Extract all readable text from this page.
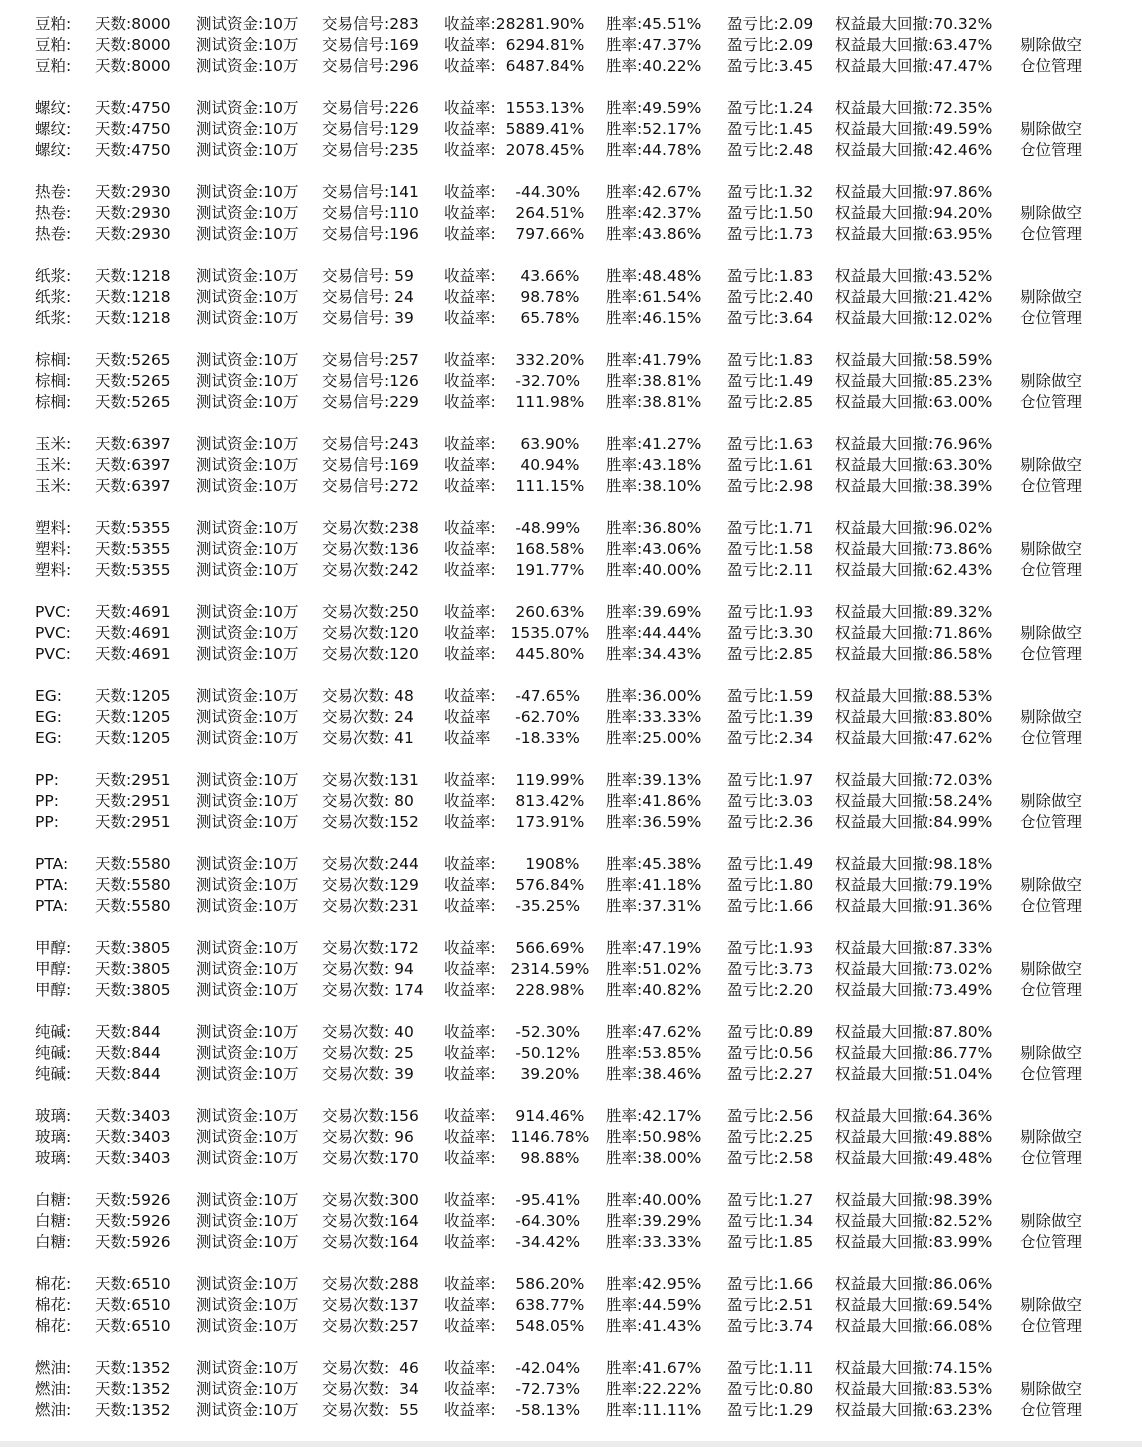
豆粕: 天数:8000 测试资金:10万 交易信号:283 收益率:28281.90% 胜率:45.51% 盈亏比:2.09 权益最大回撤:70.32%
豆粕: 天数:8000 测试资金:10万 交易信号:169 收益率:  6294.81% 胜率:47.37% 盈亏比:2.09 权益最大回撤:63.47% 剔除做空
豆粕: 天数:8000 测试资金:10万 交易信号:296 收益率:  6487.84% 胜率:40.22% 盈亏比:3.45 权益最大回撤:47.47% 仓位管理
螺纹: 天数:4750 测试资金:10万 交易信号:226 收益率:  1553.13% 胜率:49.59% 盈亏比:1.24 权益最大回撤:72.35%
螺纹: 天数:4750 测试资金:10万 交易信号:129 收益率:  5889.41% 胜率:52.17% 盈亏比:1.45 权益最大回撤:49.59% 剔除做空
螺纹: 天数:4750 测试资金:10万 交易信号:235 收益率:  2078.45% 胜率:44.78% 盈亏比:2.48 权益最大回撤:42.46% 仓位管理
热卷: 天数:2930 测试资金:10万 交易信号:141 收益率:    -44.30% 胜率:42.67% 盈亏比:1.32 权益最大回撤:97.86%
热卷: 天数:2930 测试资金:10万 交易信号:110 收益率:    264.51% 胜率:42.37% 盈亏比:1.50 权益最大回撤:94.20% 剔除做空
热卷: 天数:2930 测试资金:10万 交易信号:196 收益率:    797.66% 胜率:43.86% 盈亏比:1.73 权益最大回撤:63.95% 仓位管理
纸浆: 天数:1218 测试资金:10万 交易信号: 59 收益率:     43.66% 胜率:48.48% 盈亏比:1.83 权益最大回撤:43.52%
纸浆: 天数:1218 测试资金:10万 交易信号: 24 收益率:     98.78% 胜率:61.54% 盈亏比:2.40 权益最大回撤:21.42% 剔除做空
纸浆: 天数:1218 测试资金:10万 交易信号: 39 收益率:     65.78% 胜率:46.15% 盈亏比:3.64 权益最大回撤:12.02% 仓位管理
棕榈: 天数:5265 测试资金:10万 交易信号:257 收益率:    332.20% 胜率:41.79% 盈亏比:1.83 权益最大回撤:58.59%
棕榈: 天数:5265 测试资金:10万 交易信号:126 收益率:    -32.70% 胜率:38.81% 盈亏比:1.49 权益最大回撤:85.23% 剔除做空
棕榈: 天数:5265 测试资金:10万 交易信号:229 收益率:    111.98% 胜率:38.81% 盈亏比:2.85 权益最大回撤:63.00% 仓位管理
玉米: 天数:6397 测试资金:10万 交易信号:243 收益率:     63.90% 胜率:41.27% 盈亏比:1.63 权益最大回撤:76.96%
玉米: 天数:6397 测试资金:10万 交易信号:169 收益率:     40.94% 胜率:43.18% 盈亏比:1.61 权益最大回撤:63.30% 剔除做空
玉米: 天数:6397 测试资金:10万 交易信号:272 收益率:    111.15% 胜率:38.10% 盈亏比:2.98 权益最大回撤:38.39% 仓位管理
塑料: 天数:5355 测试资金:10万 交易次数:238 收益率:    -48.99% 胜率:36.80% 盈亏比:1.71 权益最大回撤:96.02%
塑料: 天数:5355 测试资金:10万 交易次数:136 收益率:    168.58% 胜率:43.06% 盈亏比:1.58 权益最大回撤:73.86% 剔除做空
塑料: 天数:5355 测试资金:10万 交易次数:242 收益率:    191.77% 胜率:40.00% 盈亏比:2.11 权益最大回撤:62.43% 仓位管理
PVC: 天数:4691 测试资金:10万 交易次数:250 收益率:    260.63% 胜率:39.69% 盈亏比:1.93 权益最大回撤:89.32%
PVC: 天数:4691 测试资金:10万 交易次数:120 收益率:   1535.07% 胜率:44.44% 盈亏比:3.30 权益最大回撤:71.86% 剔除做空
PVC: 天数:4691 测试资金:10万 交易次数:120 收益率:    445.80% 胜率:34.43% 盈亏比:2.85 权益最大回撤:86.58% 仓位管理
EG: 天数:1205 测试资金:10万 交易次数: 48 收益率:    -47.65% 胜率:36.00% 盈亏比:1.59 权益最大回撤:88.53%
EG: 天数:1205 测试资金:10万 交易次数: 24 收益率     -62.70% 胜率:33.33% 盈亏比:1.39 权益最大回撤:83.80% 剔除做空
EG: 天数:1205 测试资金:10万 交易次数: 41 收益率     -18.33% 胜率:25.00% 盈亏比:2.34 权益最大回撤:47.62% 仓位管理
PP: 天数:2951 测试资金:10万 交易次数:131 收益率:    119.99% 胜率:39.13% 盈亏比:1.97 权益最大回撤:72.03%
PP: 天数:2951 测试资金:10万 交易次数: 80 收益率:    813.42% 胜率:41.86% 盈亏比:3.03 权益最大回撤:58.24% 剔除做空
PP: 天数:2951 测试资金:10万 交易次数:152 收益率:    173.91% 胜率:36.59% 盈亏比:2.36 权益最大回撤:84.99% 仓位管理
PTA: 天数:5580 测试资金:10万 交易次数:244 收益率:      1908% 胜率:45.38% 盈亏比:1.49 权益最大回撤:98.18%
PTA: 天数:5580 测试资金:10万 交易次数:129 收益率:    576.84% 胜率:41.18% 盈亏比:1.80 权益最大回撤:79.19% 剔除做空
PTA: 天数:5580 测试资金:10万 交易次数:231 收益率:    -35.25% 胜率:37.31% 盈亏比:1.66 权益最大回撤:91.36% 仓位管理
甲醇: 天数:3805 测试资金:10万 交易次数:172 收益率:    566.69% 胜率:47.19% 盈亏比:1.93 权益最大回撤:87.33%
甲醇: 天数:3805 测试资金:10万 交易次数: 94 收益率:   2314.59% 胜率:51.02% 盈亏比:3.73 权益最大回撤:73.02% 剔除做空
甲醇: 天数:3805 测试资金:10万 交易次数: 174 收益率:    228.98% 胜率:40.82% 盈亏比:2.20 权益最大回撤:73.49% 仓位管理
纯碱: 天数:844 测试资金:10万 交易次数: 40 收益率:    -52.30% 胜率:47.62% 盈亏比:0.89 权益最大回撤:87.80%
纯碱: 天数:844 测试资金:10万 交易次数: 25 收益率:    -50.12% 胜率:53.85% 盈亏比:0.56 权益最大回撤:86.77% 剔除做空
纯碱: 天数:844 测试资金:10万 交易次数: 39 收益率:     39.20% 胜率:38.46% 盈亏比:2.27 权益最大回撤:51.04% 仓位管理
玻璃: 天数:3403 测试资金:10万 交易次数:156 收益率:    914.46% 胜率:42.17% 盈亏比:2.56 权益最大回撤:64.36%
玻璃: 天数:3403 测试资金:10万 交易次数: 96 收益率:   1146.78% 胜率:50.98% 盈亏比:2.25 权益最大回撤:49.88% 剔除做空
玻璃: 天数:3403 测试资金:10万 交易次数:170 收益率:     98.88% 胜率:38.00% 盈亏比:2.58 权益最大回撤:49.48% 仓位管理
白糖: 天数:5926 测试资金:10万 交易次数:300 收益率:    -95.41% 胜率:40.00% 盈亏比:1.27 权益最大回撤:98.39%
白糖: 天数:5926 测试资金:10万 交易次数:164 收益率:    -64.30% 胜率:39.29% 盈亏比:1.34 权益最大回撤:82.52% 剔除做空
白糖: 天数:5926 测试资金:10万 交易次数:164 收益率:    -34.42% 胜率:33.33% 盈亏比:1.85 权益最大回撤:83.99% 仓位管理
棉花: 天数:6510 测试资金:10万 交易次数:288 收益率:    586.20% 胜率:42.95% 盈亏比:1.66 权益最大回撤:86.06%
棉花: 天数:6510 测试资金:10万 交易次数:137 收益率:    638.77% 胜率:44.59% 盈亏比:2.51 权益最大回撤:69.54% 剔除做空
棉花: 天数:6510 测试资金:10万 交易次数:257 收益率:    548.05% 胜率:41.43% 盈亏比:3.74 权益最大回撤:66.08% 仓位管理
燃油: 天数:1352 测试资金:10万 交易次数:  46 收益率:    -42.04% 胜率:41.67% 盈亏比:1.11 权益最大回撤:74.15%
燃油: 天数:1352 测试资金:10万 交易次数:  34 收益率:    -72.73% 胜率:22.22% 盈亏比:0.80 权益最大回撤:83.53% 剔除做空
燃油: 天数:1352 测试资金:10万 交易次数:  55 收益率:    -58.13% 胜率:11.11% 盈亏比:1.29 权益最大回撤:63.23% 仓位管理
